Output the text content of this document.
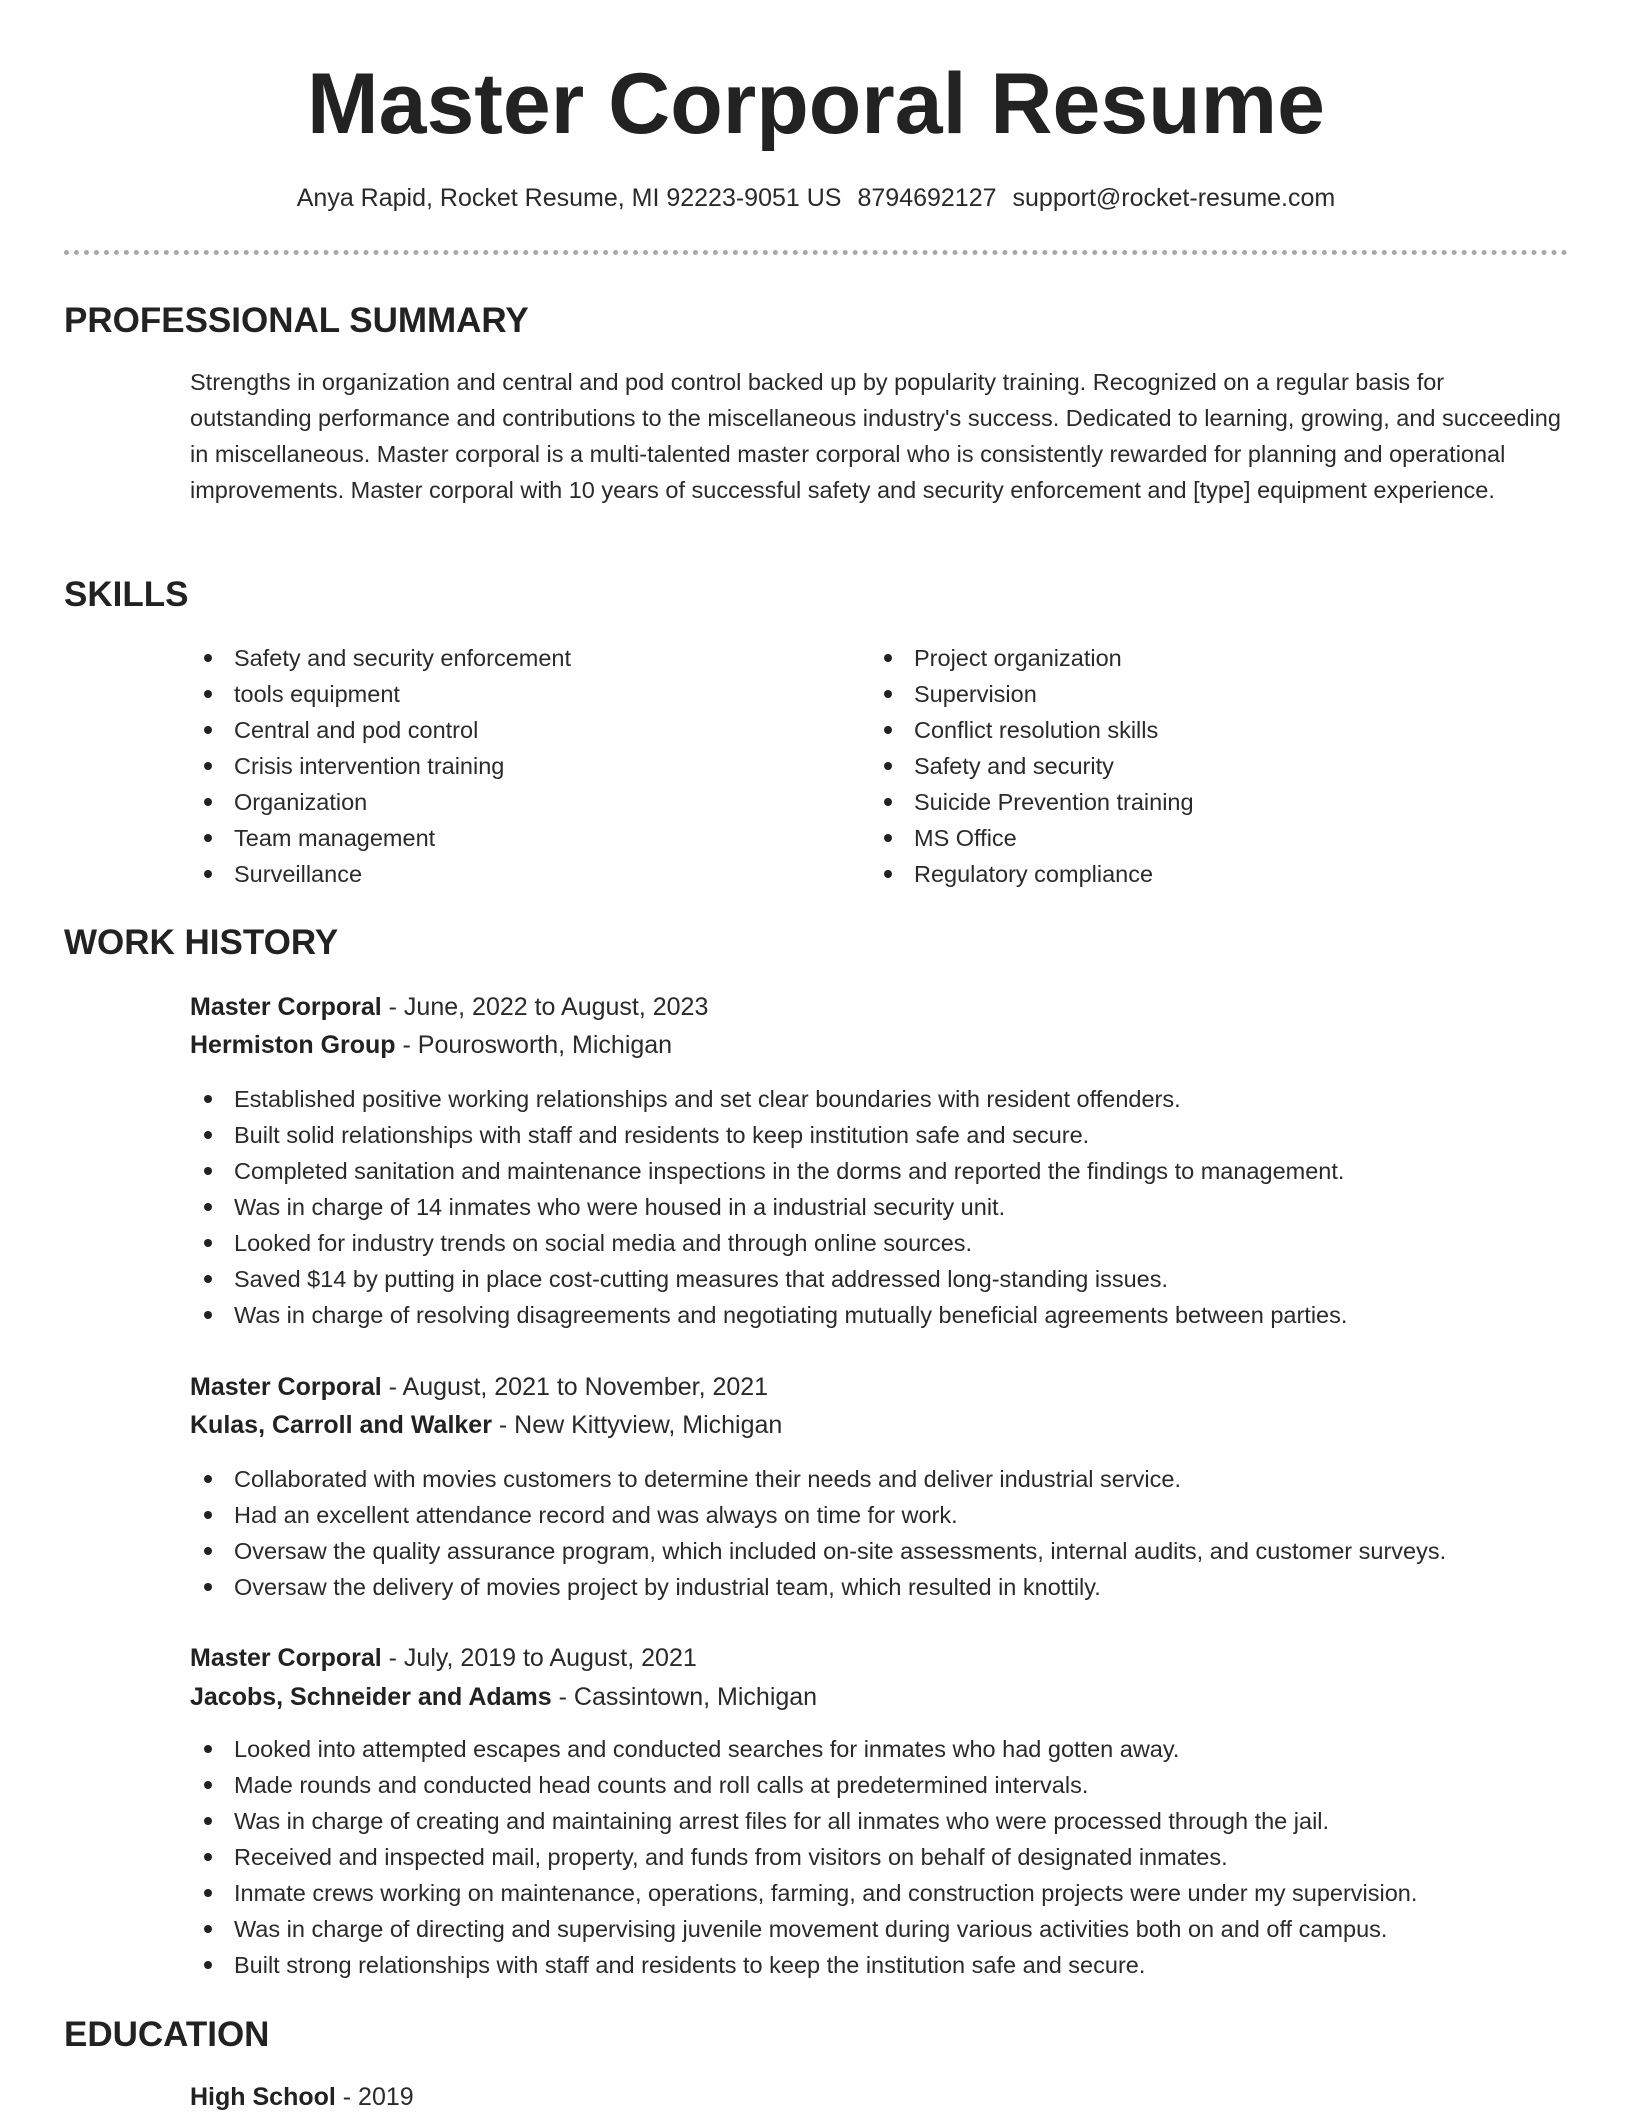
Master Corporal Resume
Anya Rapid, Rocket Resume, MI 92223-9051 US 8794692127 support@rocket-resume.com
PROFESSIONAL SUMMARY

Strengths in organization and central and pod control backed up by popularity training. Recognized on a regular basis for outstanding performance and contributions to the miscellaneous industry's success. Dedicated to learning, growing, and succeeding in miscellaneous. Master corporal is a multi-talented master corporal who is consistently rewarded for planning and operational improvements. Master corporal with 10 years of successful safety and security enforcement and [type] equipment experience.

SKILLS
Safety and security enforcement
tools equipment
Central and pod control
Crisis intervention training
Organization
Team management
Surveillance
Project organization
Supervision
Conflict resolution skills
Safety and security
Suicide Prevention training
MS Office
Regulatory compliance
WORK HISTORY
Master Corporal - June, 2022 to August, 2023
Hermiston Group - Pourosworth, Michigan
Established positive working relationships and set clear boundaries with resident offenders.
Built solid relationships with staff and residents to keep institution safe and secure.
Completed sanitation and maintenance inspections in the dorms and reported the findings to management.
Was in charge of 14 inmates who were housed in a industrial security unit.
Looked for industry trends on social media and through online sources.
Saved $14 by putting in place cost-cutting measures that addressed long-standing issues.
Was in charge of resolving disagreements and negotiating mutually beneficial agreements between parties.
Master Corporal - August, 2021 to November, 2021
Kulas, Carroll and Walker - New Kittyview, Michigan
Collaborated with movies customers to determine their needs and deliver industrial service.
Had an excellent attendance record and was always on time for work.
Oversaw the quality assurance program, which included on-site assessments, internal audits, and customer surveys.
Oversaw the delivery of movies project by industrial team, which resulted in knottily.
Master Corporal - July, 2019 to August, 2021
Jacobs, Schneider and Adams - Cassintown, Michigan
Looked into attempted escapes and conducted searches for inmates who had gotten away.
Made rounds and conducted head counts and roll calls at predetermined intervals.
Was in charge of creating and maintaining arrest files for all inmates who were processed through the jail.
Received and inspected mail, property, and funds from visitors on behalf of designated inmates.
Inmate crews working on maintenance, operations, farming, and construction projects were under my supervision.
Was in charge of directing and supervising juvenile movement during various activities both on and off campus.
Built strong relationships with staff and residents to keep the institution safe and secure.
EDUCATION
High School - 2019
